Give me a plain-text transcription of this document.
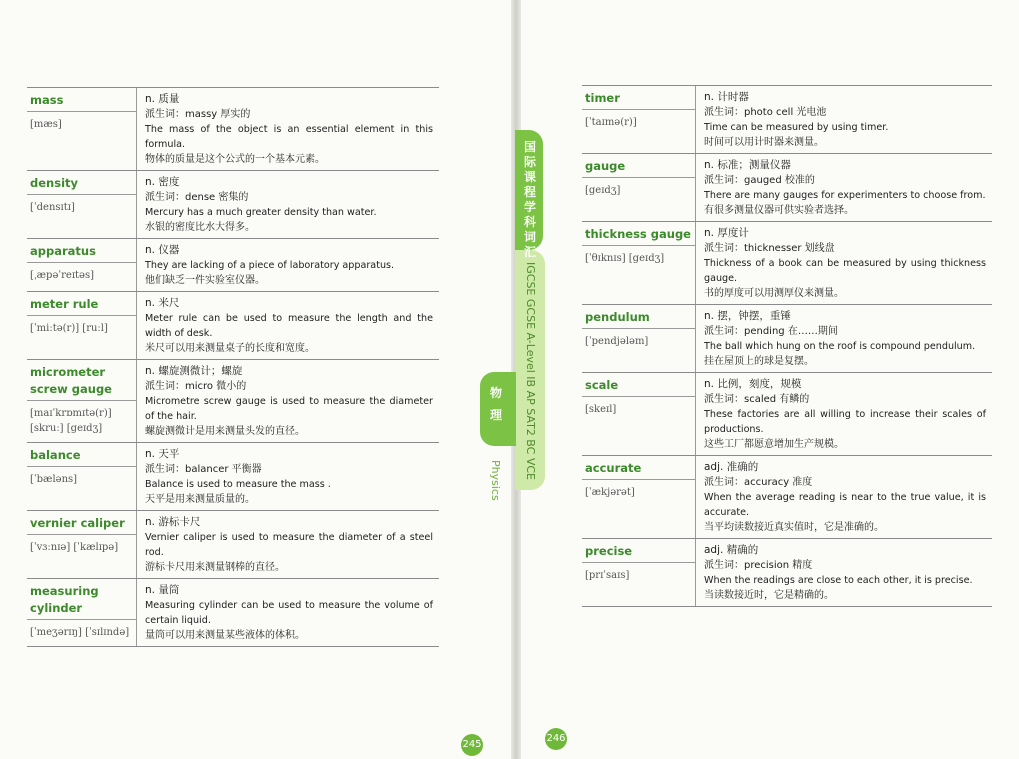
国际课程学科词汇
IGCSE GCSE A-Level IB AP SAT2 BC VCE
物理
Physics
mass
[mæs]
n. 质量
派生词：massy 厚实的
The mass of the object is an essential element in this formula.
物体的质量是这个公式的一个基本元素。
density
[ˈdensɪtɪ]
n. 密度
派生词：dense 密集的
Mercury has a much greater density than water.
水银的密度比水大得多。
apparatus
[ˌæpəˈreɪtəs]
n. 仪器
They are lacking of a piece of laboratory apparatus.
他们缺乏一件实验室仪器。
meter rule
[ˈmiːtə(r)] [ruːl]
n. 米尺
Meter rule can be used to measure the length and the width of desk.
米尺可以用来测量桌子的长度和宽度。
micrometer screw gauge
[maɪˈkrɒmɪtə(r)] [skruː] [geɪdʒ]
n. 螺旋测微计；螺旋
派生词：micro 微小的
Micrometre screw gauge is used to measure the diameter of the hair.
螺旋测微计是用来测量头发的直径。
balance
[ˈbæləns]
n. 天平
派生词：balancer 平衡器
Balance is used to measure the mass .
天平是用来测量质量的。
vernier caliper
[ˈvɜːnɪə] [ˈkælɪpə]
n. 游标卡尺
Vernier caliper is used to measure the diameter of a steel rod.
游标卡尺用来测量钢棒的直径。
measuring cylinder
[ˈmeʒərɪŋ] [ˈsɪlɪndə]
n. 量筒
Measuring cylinder can be used to measure the volume of certain liquid.
量筒可以用来测量某些液体的体积。
timer
[ˈtaɪmə(r)]
n. 计时器
派生词：photo cell 光电池
Time can be measured by using timer.
时间可以用计时器来测量。
gauge
[geɪdʒ]
n. 标准；测量仪器
派生词：gauged 校准的
There are many gauges for experimenters to choose from.
有很多测量仪器可供实验者选择。
thickness gauge
[ˈθɪknɪs] [geɪdʒ]
n. 厚度计
派生词：thicknesser 划线盘
Thickness of a book can be measured by using thickness gauge.
书的厚度可以用测厚仪来测量。
pendulum
[ˈpendjələm]
n. 摆，钟摆，重锤
派生词：pending 在……期间
The ball which hung on the roof is compound pendulum.
挂在屋顶上的球是复摆。
scale
[skeɪl]
n. 比例，刻度，规模
派生词：scaled 有鳞的
These factories are all willing to increase their scales of productions.
这些工厂都愿意增加生产规模。
accurate
[ˈækjərət]
adj. 准确的
派生词：accuracy 准度
When the average reading is near to the true value, it is accurate.
当平均读数接近真实值时，它是准确的。
precise
[prɪˈsaɪs]
adj. 精确的
派生词：precision 精度
When the readings are close to each other, it is precise.
当读数接近时，它是精确的。
245
246
